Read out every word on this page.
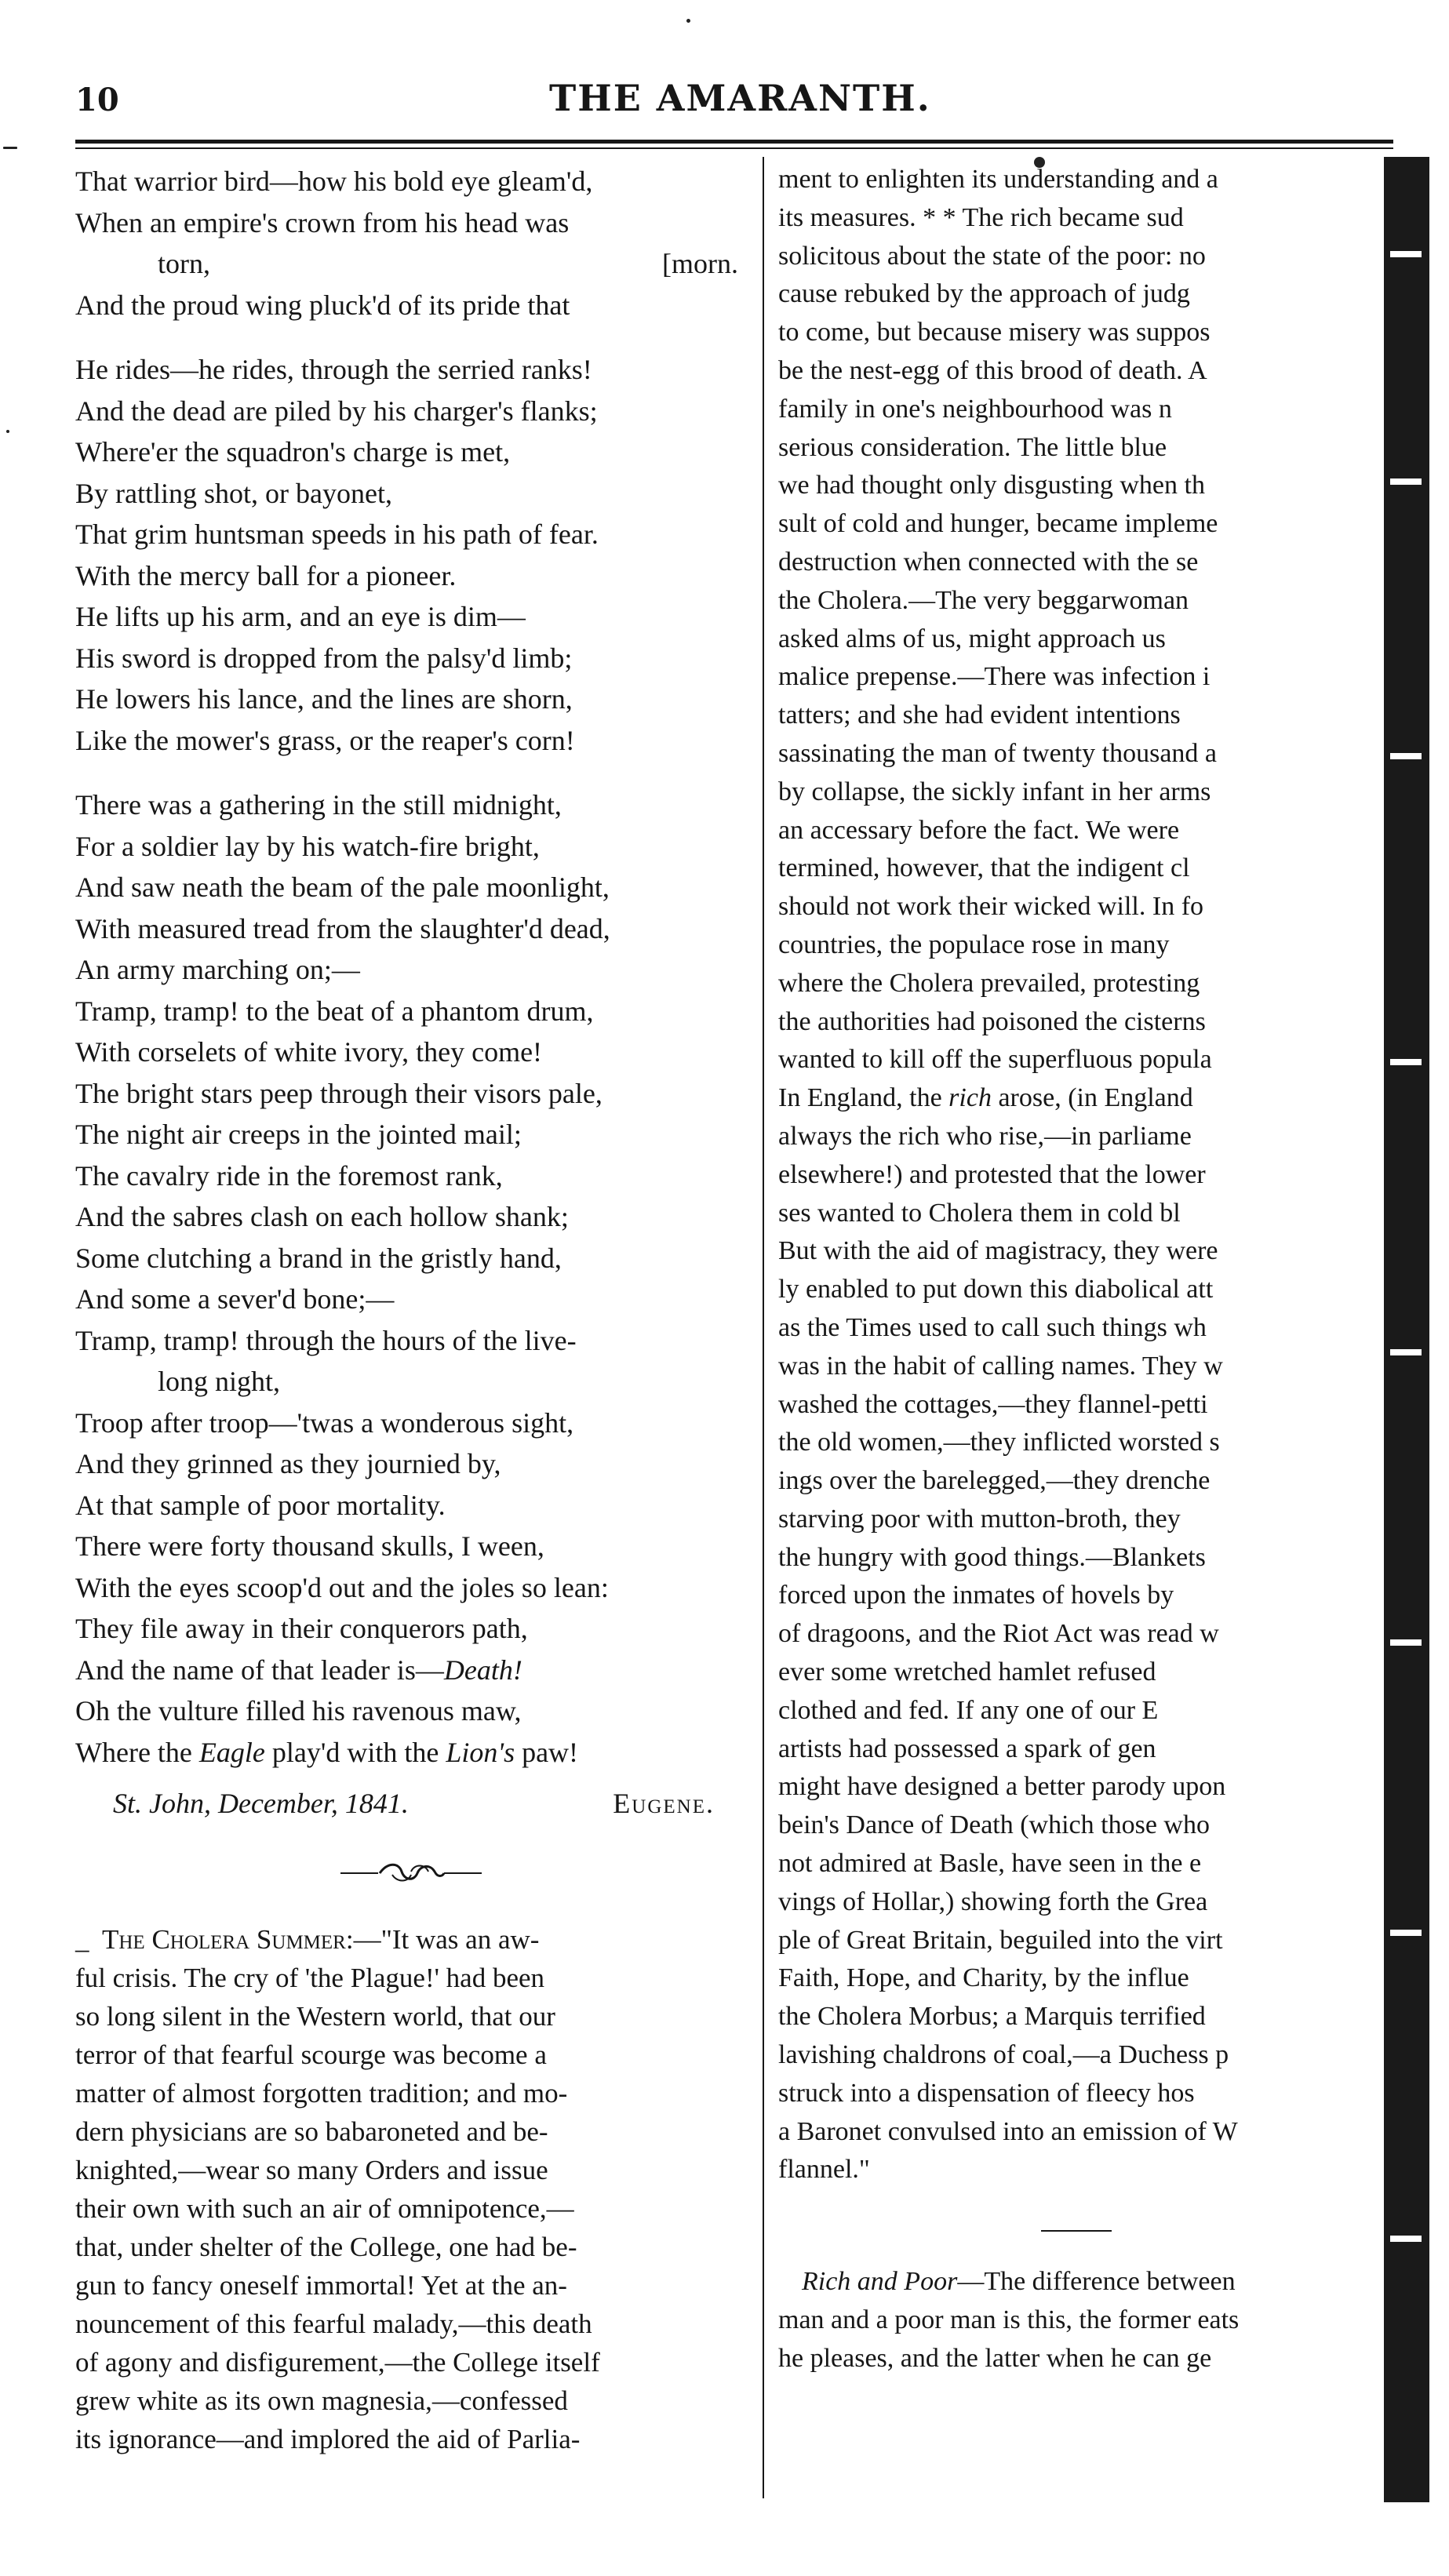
10	THE AMARANTH.

That warrior bird—how his bold eye gleam'd,

When an empire's crown from his head was

torn,	[morn.

And the proud wing pluck'd of its pride that

He rides—he rides, through the serried ranks!

And the dead are piled by his charger's flanks;

Where'er the squadron's charge is met,

By rattling shot, or bayonet,

That grim huntsman speeds in his path of fear.

With the mercy ball for a pioneer.

He lifts up his arm, and an eye is dim—

His sword is dropped from the palsy'd limb;

He lowers his lance, and the lines are shorn,

Like the mower's grass, or the reaper's corn!

There was a gathering in the still midnight,

For a soldier lay by his watch-fire bright,

And saw neath the beam of the pale moonlight,

With measured tread from the slaughter'd dead,

An army marching on;—

Tramp, tramp! to the beat of a phantom drum,

With corselets of white ivory, they come!

The bright stars peep through their visors pale,

The night air creeps in the jointed mail;

The cavalry ride in the foremost rank,

And the sabres clash on each hollow shank;

Some clutching a brand in the gristly hand,

And some a sever'd bone;—

Tramp, tramp! through the hours of the live-

long night,

Troop after troop—'twas a wonderous sight,

And they grinned as they journied by,

At that sample of poor mortality.

There were forty thousand skulls, I ween,

With the eyes scoop'd out and the joles so lean:

They file away in their conquerors path,

And the name of that leader is—Death!

Oh the vulture filled his ravenous maw,

Where the Eagle play'd with the Lion's paw!

St. John, December, 1841.	Eugene.
_ The Cholera Summer:—"It was an aw-
ful crisis. The cry of 'the Plague!' had been
so long silent in the Western world, that our
terror of that fearful scourge was become a
matter of almost forgotten tradition; and mo-
dern physicians are so babaroneted and be-
knighted,—wear so many Orders and issue
their own with such an air of omnipotence,—
that, under shelter of the College, one had be-
gun to fancy oneself immortal! Yet at the an-
nouncement of this fearful malady,—this death
of agony and disfigurement,—the College itself
grew white as its own magnesia,—confessed
its ignorance—and implored the aid of Parlia-
ment to enlighten its understanding and a
its measures. * * The rich became sud
solicitous about the state of the poor: no
cause rebuked by the approach of judg
to come, but because misery was suppos
be the nest-egg of this brood of death. A
family in one's neighbourhood was n
serious consideration. The little blue
we had thought only disgusting when th
sult of cold and hunger, became impleme
destruction when connected with the se
the Cholera.—The very beggarwoman
asked alms of us, might approach us
malice prepense.—There was infection i
tatters; and she had evident intentions
sassinating the man of twenty thousand a
by collapse, the sickly infant in her arms
an accessary before the fact. We were
termined, however, that the indigent cl
should not work their wicked will. In fo
countries, the populace rose in many
where the Cholera prevailed, protesting
the authorities had poisoned the cisterns
wanted to kill off the superfluous popula
In England, the rich arose, (in England
always the rich who rise,—in parliame
elsewhere!) and protested that the lower
ses wanted to Cholera them in cold bl
But with the aid of magistracy, they were
ly enabled to put down this diabolical att
as the Times used to call such things wh
was in the habit of calling names. They w
washed the cottages,—they flannel-petti
the old women,—they inflicted worsted s
ings over the barelegged,—they drenche
starving poor with mutton-broth, they
the hungry with good things.—Blankets
forced upon the inmates of hovels by
of dragoons, and the Riot Act was read w
ever some wretched hamlet refused
clothed and fed. If any one of our E
artists had possessed a spark of gen
might have designed a better parody upon
bein's Dance of Death (which those who
not admired at Basle, have seen in the e
vings of Hollar,) showing forth the Grea
ple of Great Britain, beguiled into the virt
Faith, Hope, and Charity, by the influe
the Cholera Morbus; a Marquis terrified
lavishing chaldrons of coal,—a Duchess p
struck into a dispensation of fleecy hos
a Baronet convulsed into an emission of W
flannel."
Rich and Poor—The difference between
man and a poor man is this, the former eats
he pleases, and the latter when he can ge
